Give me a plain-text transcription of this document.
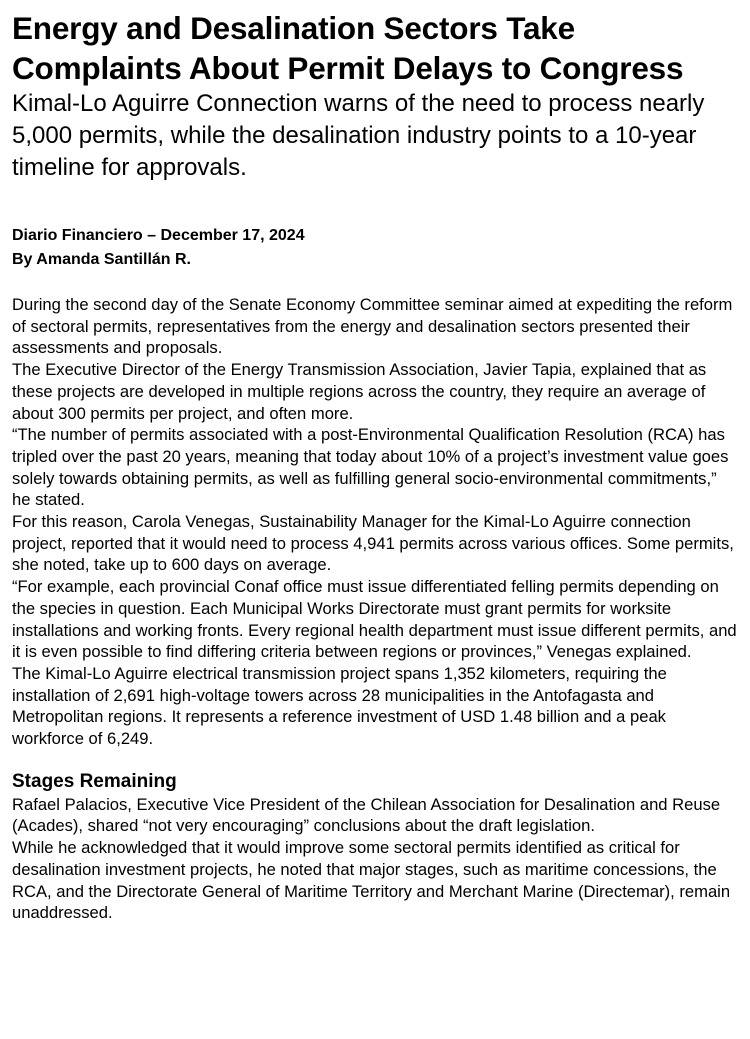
Energy and Desalination Sectors Take Complaints About Permit Delays to Congress

Kimal-Lo Aguirre Connection warns of the need to process nearly 5,000 permits, while the desalination industry points to a 10-year timeline for approvals.

Diario Financiero – December 17, 2024
By Amanda Santillán R.

During the second day of the Senate Economy Committee seminar aimed at expediting the reform of sectoral permits, representatives from the energy and desalination sectors presented their assessments and proposals.

The Executive Director of the Energy Transmission Association, Javier Tapia, explained that as these projects are developed in multiple regions across the country, they require an average of about 300 permits per project, and often more.

“The number of permits associated with a post-Environmental Qualification Resolution (RCA) has tripled over the past 20 years, meaning that today about 10% of a project’s investment value goes solely towards obtaining permits, as well as fulfilling general socio-environmental commitments,” he stated.

For this reason, Carola Venegas, Sustainability Manager for the Kimal-Lo Aguirre connection project, reported that it would need to process 4,941 permits across various offices. Some permits, she noted, take up to 600 days on average.

“For example, each provincial Conaf office must issue differentiated felling permits depending on the species in question. Each Municipal Works Directorate must grant permits for worksite installations and working fronts. Every regional health department must issue different permits, and it is even possible to find differing criteria between regions or provinces,” Venegas explained.

The Kimal-Lo Aguirre electrical transmission project spans 1,352 kilometers, requiring the installation of 2,691 high-voltage towers across 28 municipalities in the Antofagasta and Metropolitan regions. It represents a reference investment of USD 1.48 billion and a peak workforce of 6,249.

Stages Remaining

Rafael Palacios, Executive Vice President of the Chilean Association for Desalination and Reuse (Acades), shared “not very encouraging” conclusions about the draft legislation.

While he acknowledged that it would improve some sectoral permits identified as critical for desalination investment projects, he noted that major stages, such as maritime concessions, the RCA, and the Directorate General of Maritime Territory and Merchant Marine (Directemar), remain unaddressed.
